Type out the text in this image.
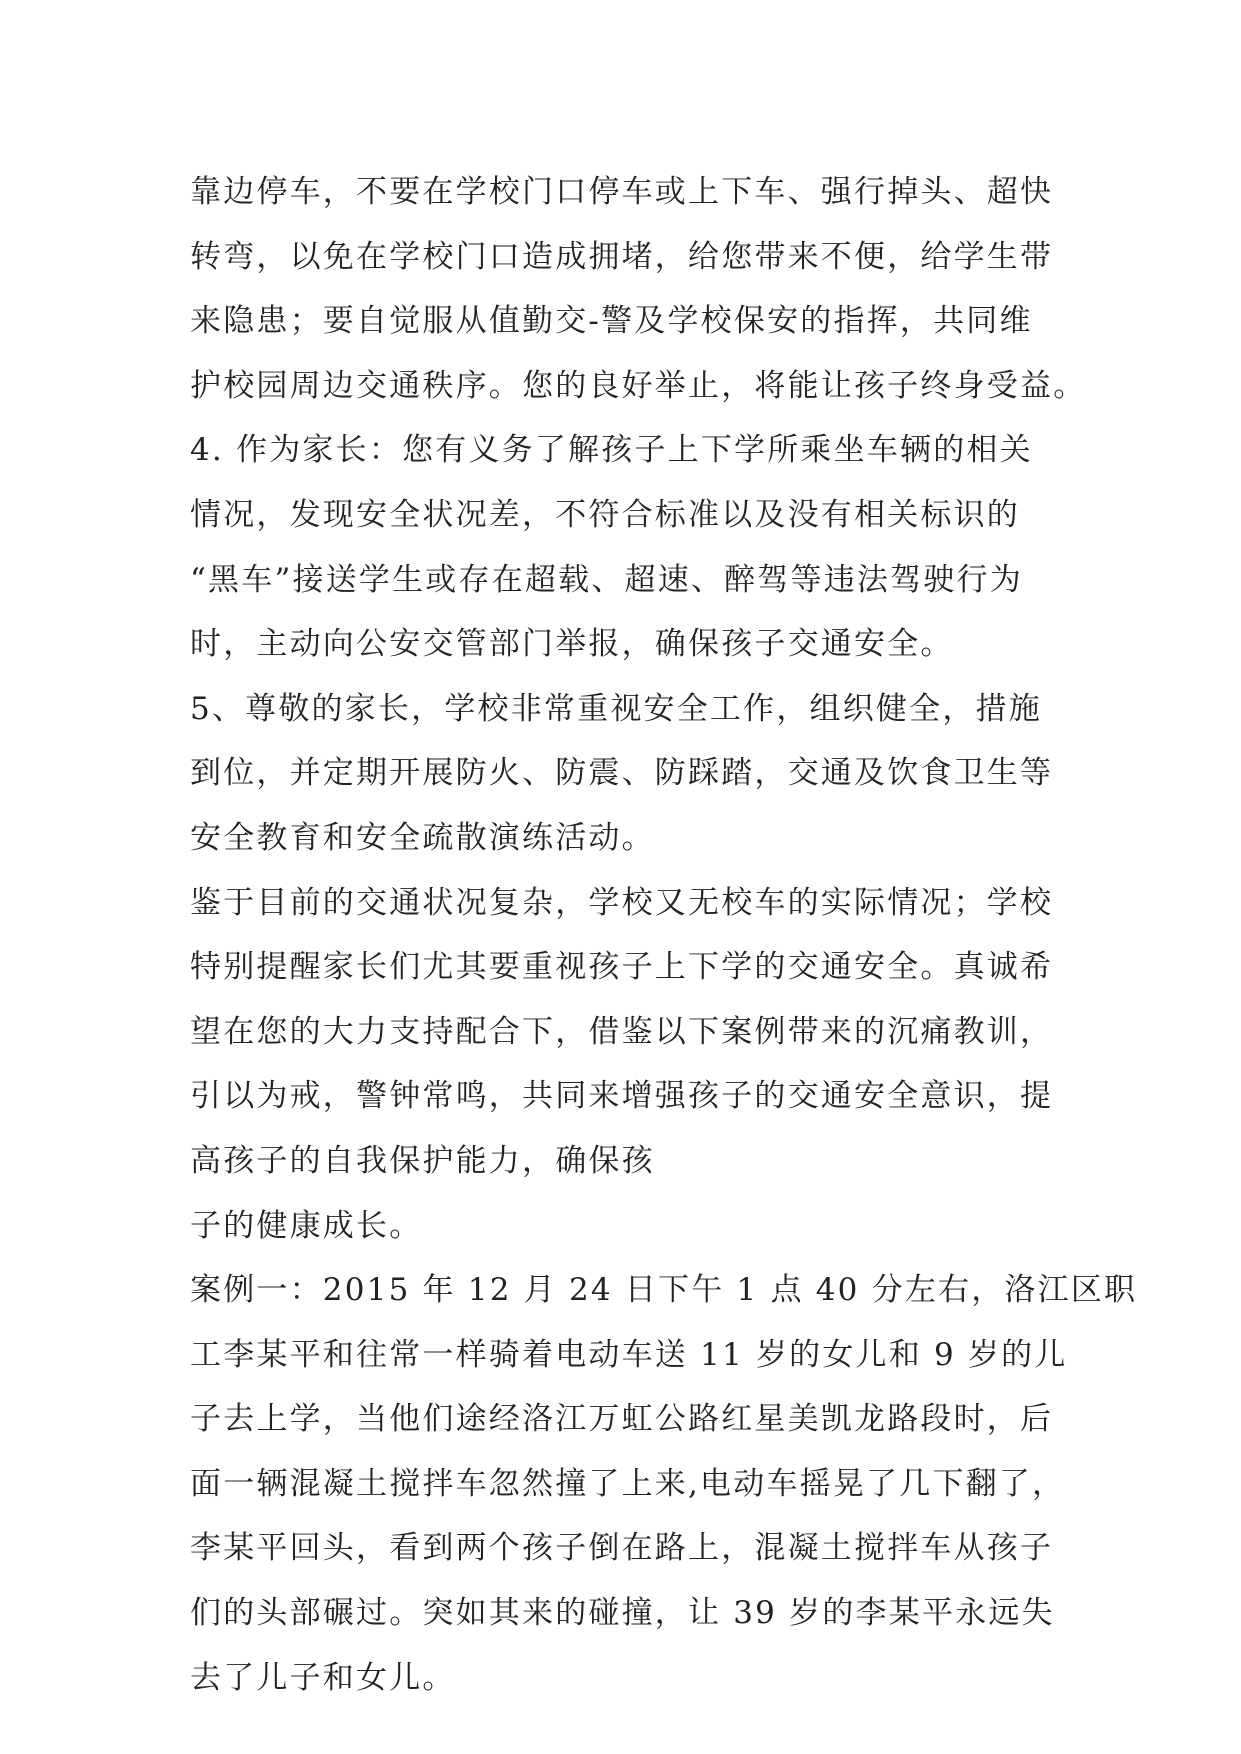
靠边停车，不要在学校门口停车或上下车、强行掉头、超快
转弯，以免在学校门口造成拥堵，给您带来不便，给学生带
来隐患；要自觉服从值勤交-警及学校保安的指挥，共同维
护校园周边交通秩序。您的良好举止，将能让孩子终身受益。
4. 作为家长：您有义务了解孩子上下学所乘坐车辆的相关
情况，发现安全状况差，不符合标准以及没有相关标识的
“黑车”接送学生或存在超载、超速、醉驾等违法驾驶行为
时，主动向公安交管部门举报，确保孩子交通安全。
5、尊敬的家长，学校非常重视安全工作，组织健全，措施
到位，并定期开展防火、防震、防踩踏，交通及饮食卫生等
安全教育和安全疏散演练活动。
鉴于目前的交通状况复杂，学校又无校车的实际情况；学校
特别提醒家长们尤其要重视孩子上下学的交通安全。真诚希
望在您的大力支持配合下，借鉴以下案例带来的沉痛教训，
引以为戒，警钟常鸣，共同来增强孩子的交通安全意识，提
高孩子的自我保护能力，确保孩
子的健康成长。
案例一：2015 年 12 月 24 日下午 1 点 40 分左右，洛江区职
工李某平和往常一样骑着电动车送 11 岁的女儿和 9 岁的儿
子去上学，当他们途经洛江万虹公路红星美凯龙路段时，后
面一辆混凝土搅拌车忽然撞了上来,电动车摇晃了几下翻了，
李某平回头，看到两个孩子倒在路上，混凝土搅拌车从孩子
们的头部碾过。突如其来的碰撞，让 39 岁的李某平永远失
去了儿子和女儿。
